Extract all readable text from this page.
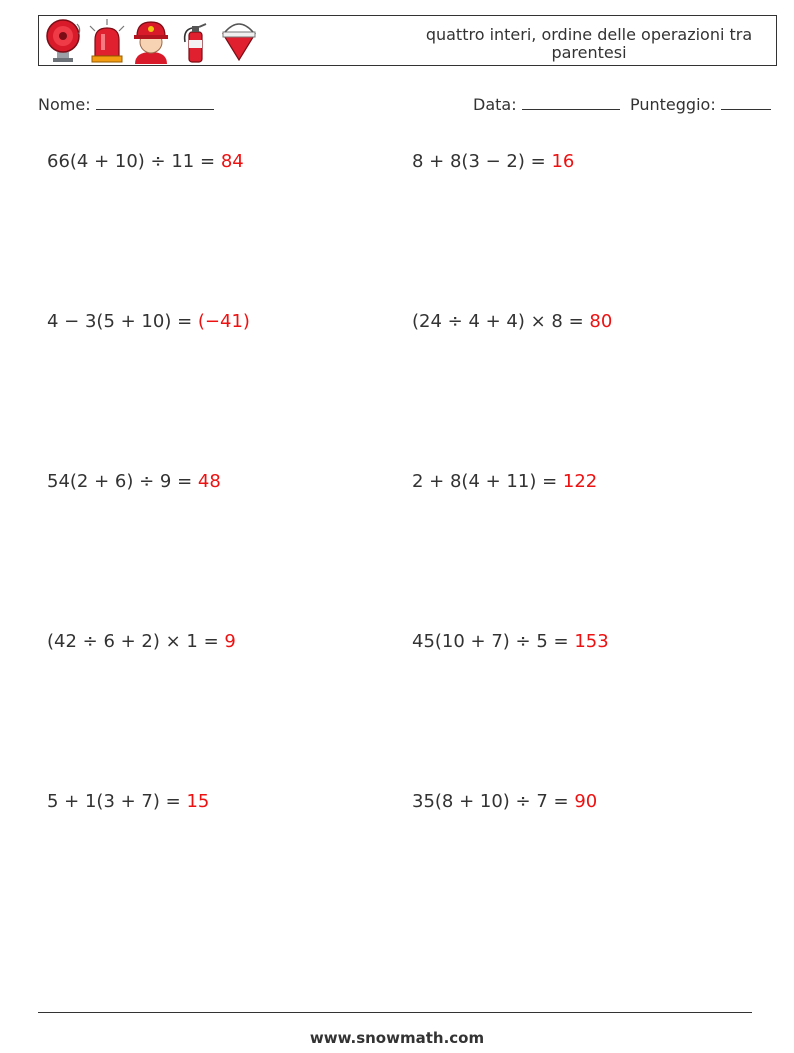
quattro interi, ordine delle operazioni tra parentesi
Nome:	Data:	Punteggio:
66(4 + 10) ÷ 11 = 84	8 + 8(3 − 2) = 16
4 − 3(5 + 10) = (−41)	(24 ÷ 4 + 4) × 8 = 80
54(2 + 6) ÷ 9 = 48	2 + 8(4 + 11) = 122
(42 ÷ 6 + 2) × 1 = 9	45(10 + 7) ÷ 5 = 153
5 + 1(3 + 7) = 15	35(8 + 10) ÷ 7 = 90
www.snowmath.com
